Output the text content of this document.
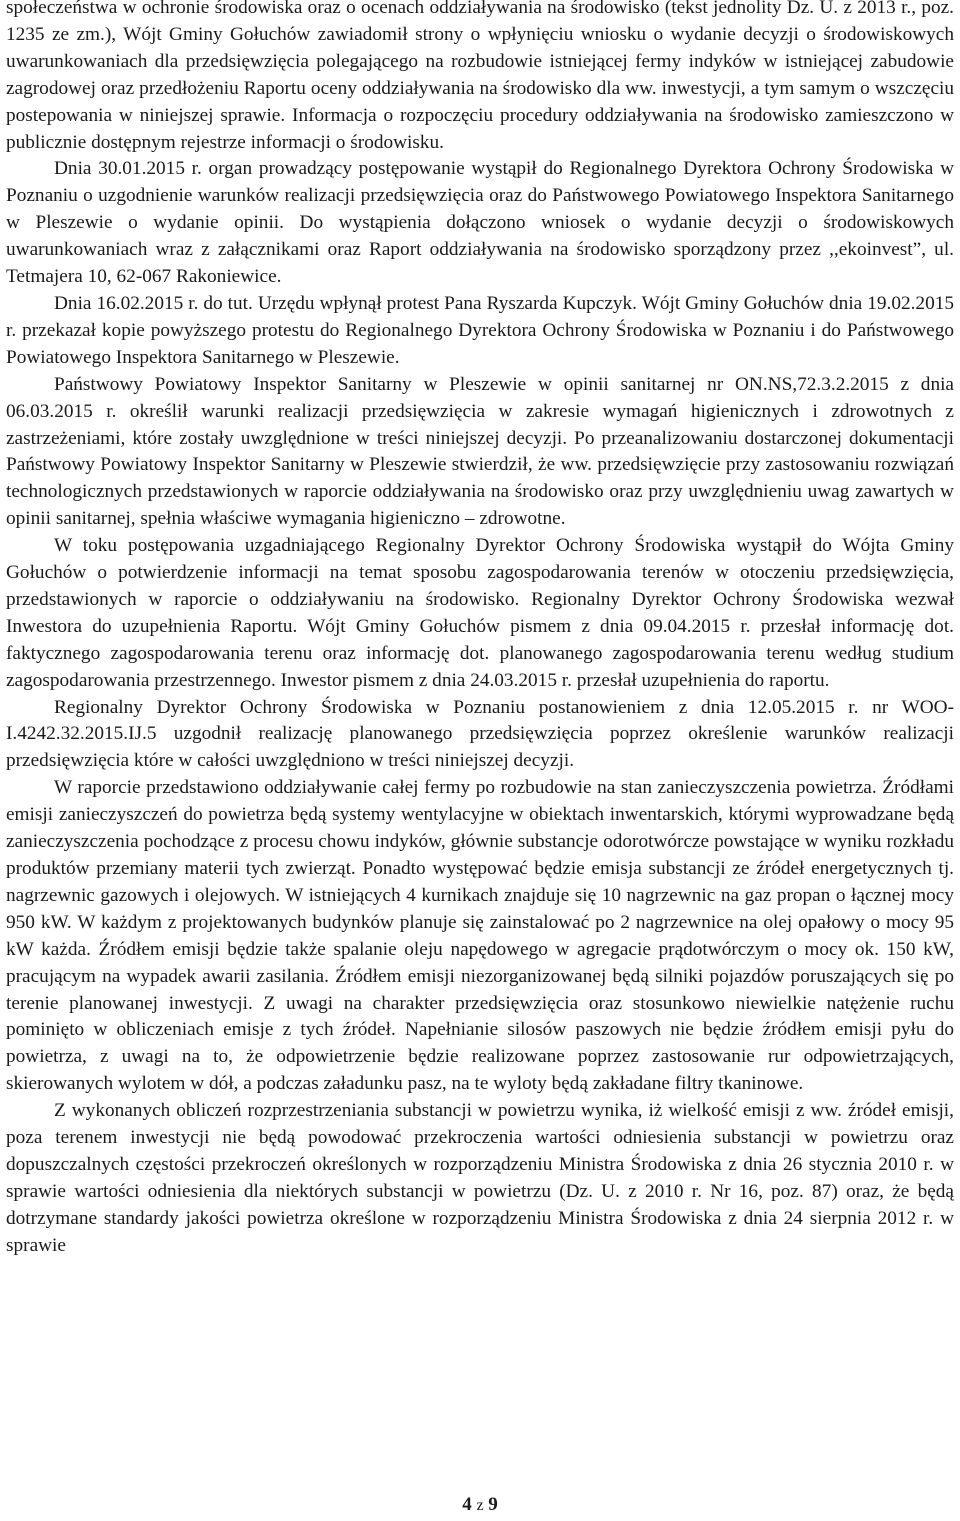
społeczeństwa w ochronie środowiska oraz o ocenach oddziaływania na środowisko (tekst jednolity Dz. U. z 2013 r., poz. 1235 ze zm.), Wójt Gminy Gołuchów zawiadomił strony o wpłynięciu wniosku o wydanie decyzji o środowiskowych uwarunkowaniach dla przedsięwzięcia polegającego na rozbudowie istniejącej fermy indyków w istniejącej zabudowie zagrodowej oraz przedłożeniu Raportu oceny oddziaływania na środowisko dla ww. inwestycji, a tym samym o wszczęciu postepowania w niniejszej sprawie. Informacja o rozpoczęciu procedury oddziaływania na środowisko zamieszczono w publicznie dostępnym rejestrze informacji o środowisku.

Dnia 30.01.2015 r. organ prowadzący postępowanie wystąpił do Regionalnego Dyrektora Ochrony Środowiska w Poznaniu o uzgodnienie warunków realizacji przedsięwzięcia oraz do Państwowego Powiatowego Inspektora Sanitarnego w Pleszewie o wydanie opinii. Do wystąpienia dołączono wniosek o wydanie decyzji o środowiskowych uwarunkowaniach wraz z załącznikami oraz Raport oddziaływania na środowisko sporządzony przez ,,ekoinvest”, ul. Tetmajera 10, 62-067 Rakoniewice.

Dnia 16.02.2015 r. do tut. Urzędu wpłynął protest Pana Ryszarda Kupczyk. Wójt Gminy Gołuchów dnia 19.02.2015 r. przekazał kopie powyższego protestu do Regionalnego Dyrektora Ochrony Środowiska w Poznaniu i do Państwowego Powiatowego Inspektora Sanitarnego w Pleszewie.

Państwowy Powiatowy Inspektor Sanitarny w Pleszewie w opinii sanitarnej nr ON.NS,72.3.2.2015 z dnia 06.03.2015 r. określił warunki realizacji przedsięwzięcia w zakresie wymagań higienicznych i zdrowotnych z zastrzeżeniami, które zostały uwzględnione w treści niniejszej decyzji. Po przeanalizowaniu dostarczonej dokumentacji Państwowy Powiatowy Inspektor Sanitarny w Pleszewie stwierdził, że ww. przedsięwzięcie przy zastosowaniu rozwiązań technologicznych przedstawionych w raporcie oddziaływania na środowisko oraz przy uwzględnieniu uwag zawartych w opinii sanitarnej, spełnia właściwe wymagania higieniczno – zdrowotne.

W toku postępowania uzgadniającego Regionalny Dyrektor Ochrony Środowiska wystąpił do Wójta Gminy Gołuchów o potwierdzenie informacji na temat sposobu zagospodarowania terenów w otoczeniu przedsięwzięcia, przedstawionych w raporcie o oddziaływaniu na środowisko. Regionalny Dyrektor Ochrony Środowiska wezwał Inwestora do uzupełnienia Raportu. Wójt Gminy Gołuchów pismem z dnia 09.04.2015 r. przesłał informację dot. faktycznego zagospodarowania terenu oraz informację dot. planowanego zagospodarowania terenu według studium zagospodarowania przestrzennego. Inwestor pismem z dnia 24.03.2015 r. przesłał uzupełnienia do raportu.

Regionalny Dyrektor Ochrony Środowiska w Poznaniu postanowieniem z dnia 12.05.2015 r. nr WOO-I.4242.32.2015.IJ.5 uzgodnił realizację planowanego przedsięwzięcia poprzez określenie warunków realizacji przedsięwzięcia które w całości uwzględniono w treści niniejszej decyzji.

W raporcie przedstawiono oddziaływanie całej fermy po rozbudowie na stan zanieczyszczenia powietrza. Źródłami emisji zanieczyszczeń do powietrza będą systemy wentylacyjne w obiektach inwentarskich, którymi wyprowadzane będą zanieczyszczenia pochodzące z procesu chowu indyków, głównie substancje odorotwórcze powstające w wyniku rozkładu produktów przemiany materii tych zwierząt. Ponadto występować będzie emisja substancji ze źródeł energetycznych tj. nagrzewnic gazowych i olejowych. W istniejących 4 kurnikach znajduje się 10 nagrzewnic na gaz propan o łącznej mocy 950 kW. W każdym z projektowanych budynków planuje się zainstalować po 2 nagrzewnice na olej opałowy o mocy 95 kW każda. Źródłem emisji będzie także spalanie oleju napędowego w agregacie prądotwórczym o mocy ok. 150 kW, pracującym na wypadek awarii zasilania. Źródłem emisji niezorganizowanej będą silniki pojazdów poruszających się po terenie planowanej inwestycji. Z uwagi na charakter przedsięwzięcia oraz stosunkowo niewielkie natężenie ruchu pominięto w obliczeniach emisje z tych źródeł. Napełnianie silosów paszowych nie będzie źródłem emisji pyłu do powietrza, z uwagi na to, że odpowietrzenie będzie realizowane poprzez zastosowanie rur odpowietrzających, skierowanych wylotem w dół, a podczas załadunku pasz, na te wyloty będą zakładane filtry tkaninowe.

Z wykonanych obliczeń rozprzestrzeniania substancji w powietrzu wynika, iż wielkość emisji z ww. źródeł emisji, poza terenem inwestycji nie będą powodować przekroczenia wartości odniesienia substancji w powietrzu oraz dopuszczalnych częstości przekroczeń określonych w rozporządzeniu Ministra Środowiska z dnia 26 stycznia 2010 r. w sprawie wartości odniesienia dla niektórych substancji w powietrzu (Dz. U. z 2010 r. Nr 16, poz. 87) oraz, że będą dotrzymane standardy jakości powietrza określone w rozporządzeniu Ministra Środowiska z dnia 24 sierpnia 2012 r. w sprawie

4 z 9
